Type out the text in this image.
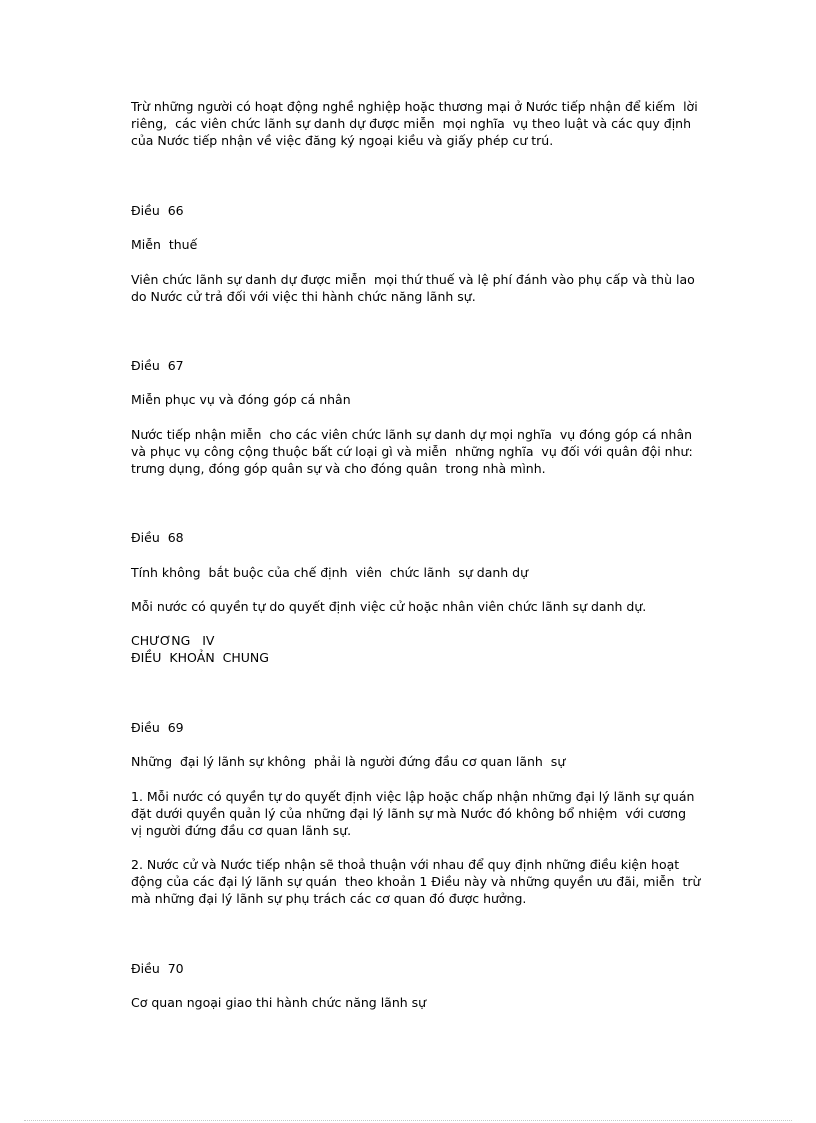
Trừ những người có hoạt động nghề nghiệp hoặc thương mại ở Nước tiếp nhận để kiếm  lời
riêng,  các viên chức lãnh sự danh dự được miễn  mọi nghĩa  vụ theo luật và các quy định
của Nước tiếp nhận về việc đăng ký ngoại kiều và giấy phép cư trú.
Điều  66
Miễn  thuế
Viên chức lãnh sự danh dự được miễn  mọi thứ thuế và lệ phí đánh vào phụ cấp và thù lao
do Nước cử trả đối với việc thi hành chức năng lãnh sự.
Điều  67
Miễn phục vụ và đóng góp cá nhân
Nước tiếp nhận miễn  cho các viên chức lãnh sự danh dự mọi nghĩa  vụ đóng góp cá nhân
và phục vụ công cộng thuộc bất cứ loại gì và miễn  những nghĩa  vụ đối với quân đội như:
trưng dụng, đóng góp quân sự và cho đóng quân  trong nhà mình.
Điều  68
Tính không  bắt buộc của chế định  viên  chức lãnh  sự danh dự
Mỗi nước có quyền tự do quyết định việc cử hoặc nhân viên chức lãnh sự danh dự.
CHƯƠNG   IV
ĐIỀU  KHOẢN  CHUNG
Điều  69
Những  đại lý lãnh sự không  phải là người đứng đầu cơ quan lãnh  sự
1. Mỗi nước có quyền tự do quyết định việc lập hoặc chấp nhận những đại lý lãnh sự quán
đặt dưới quyền quản lý của những đại lý lãnh sự mà Nước đó không bổ nhiệm  với cương
vị người đứng đầu cơ quan lãnh sự.
2. Nước cử và Nước tiếp nhận sẽ thoả thuận với nhau để quy định những điều kiện hoạt
động của các đại lý lãnh sự quán  theo khoản 1 Điều này và những quyền ưu đãi, miễn  trừ
mà những đại lý lãnh sự phụ trách các cơ quan đó được hưởng.
Điều  70
Cơ quan ngoại giao thi hành chức năng lãnh sự
